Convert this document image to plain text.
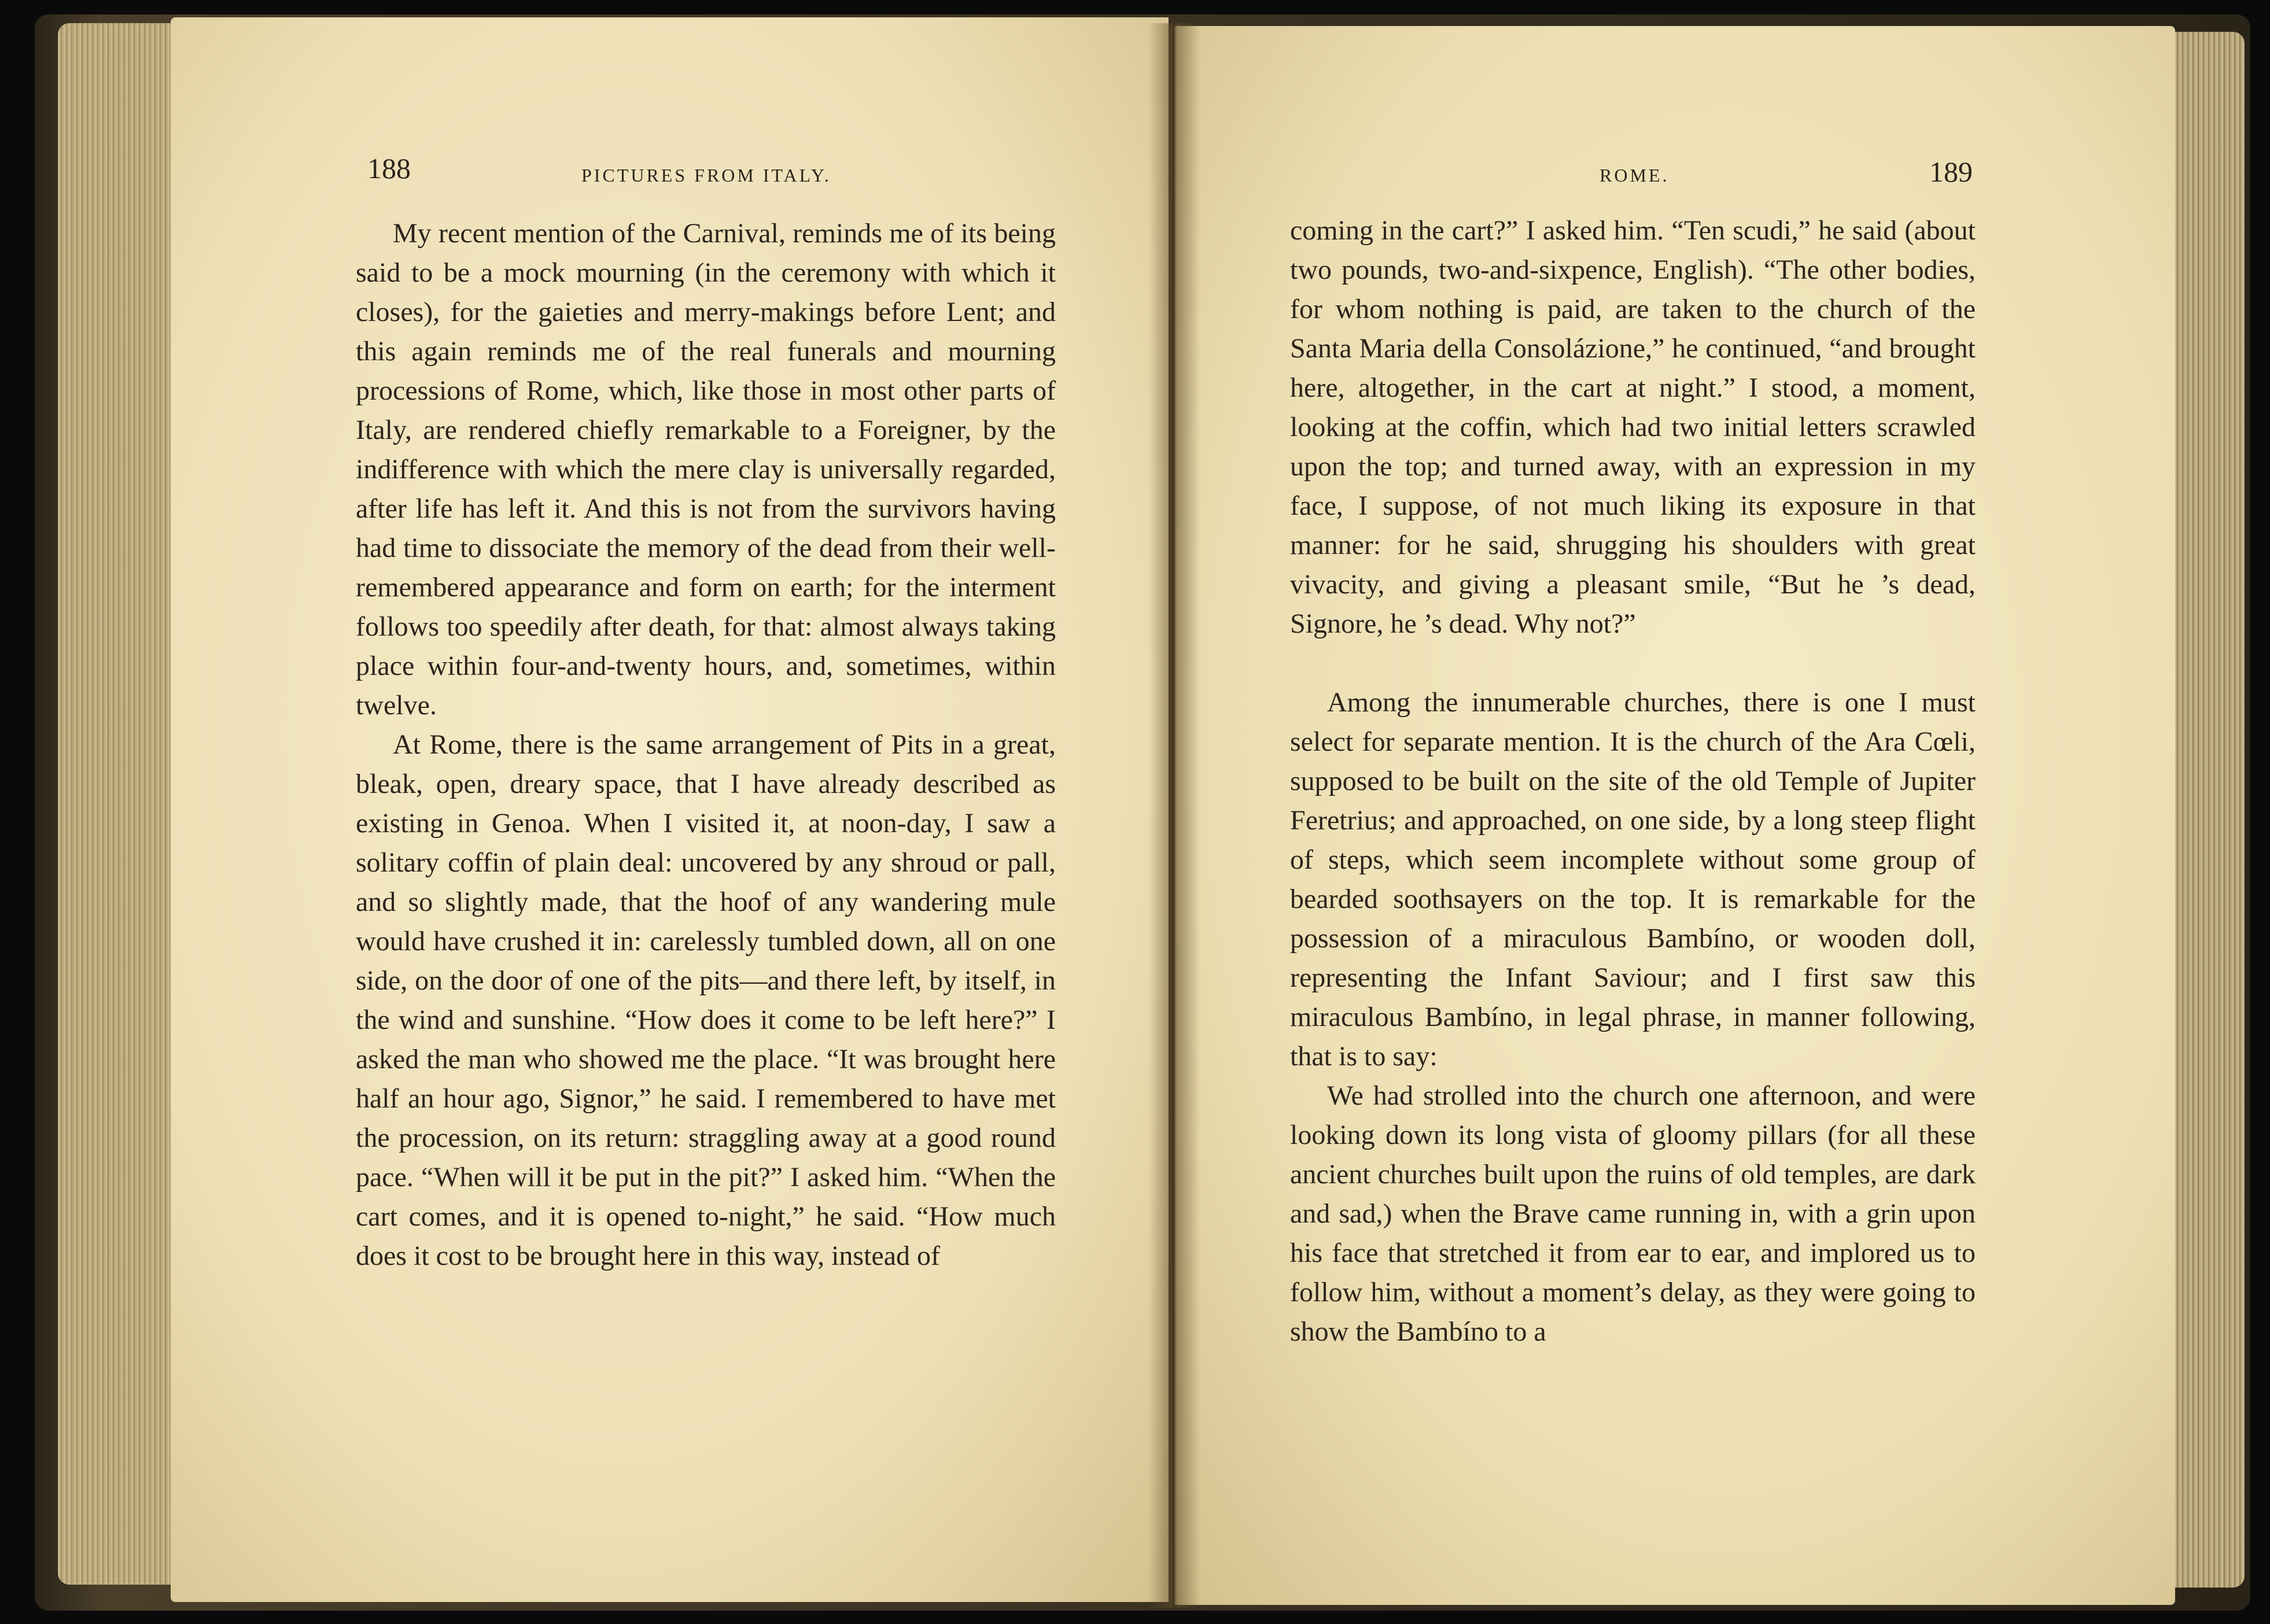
188	PICTURES FROM ITALY.

My recent mention of the Carnival, reminds me of its being said to be a mock mourning (in the ceremony with which it closes), for the gaieties and merry-makings before Lent; and this again reminds me of the real funerals and mourning processions of Rome, which, like those in most other parts of Italy, are rendered chiefly remarkable to a Foreigner, by the indifference with which the mere clay is universally regarded, after life has left it. And this is not from the survivors having had time to dissociate the memory of the dead from their well-remembered appearance and form on earth; for the interment follows too speedily after death, for that: almost always taking place within four-and-twenty hours, and, sometimes, within twelve.

At Rome, there is the same arrangement of Pits in a great, bleak, open, dreary space, that I have already described as existing in Genoa. When I visited it, at noon-day, I saw a solitary coffin of plain deal: uncovered by any shroud or pall, and so slightly made, that the hoof of any wandering mule would have crushed it in: carelessly tumbled down, all on one side, on the door of one of the pits—and there left, by itself, in the wind and sunshine. “How does it come to be left here?” I asked the man who showed me the place. “It was brought here half an hour ago, Signor,” he said. I remembered to have met the procession, on its return: straggling away at a good round pace. “When will it be put in the pit?” I asked him. “When the cart comes, and it is opened to-night,” he said. “How much does it cost to be brought here in this way, instead of

ROME.	189

coming in the cart?” I asked him. “Ten scudi,” he said (about two pounds, two-and-sixpence, English). “The other bodies, for whom nothing is paid, are taken to the church of the Santa Maria della Consolázione,” he continued, “and brought here, altogether, in the cart at night.” I stood, a moment, looking at the coffin, which had two initial letters scrawled upon the top; and turned away, with an expression in my face, I suppose, of not much liking its exposure in that manner: for he said, shrugging his shoulders with great vivacity, and giving a pleasant smile, “But he ’s dead, Signore, he ’s dead. Why not?”

Among the innumerable churches, there is one I must select for separate mention. It is the church of the Ara Cœli, supposed to be built on the site of the old Temple of Jupiter Feretrius; and approached, on one side, by a long steep flight of steps, which seem incomplete without some group of bearded soothsayers on the top. It is remarkable for the possession of a miraculous Bambíno, or wooden doll, representing the Infant Saviour; and I first saw this miraculous Bambíno, in legal phrase, in manner following, that is to say:

We had strolled into the church one afternoon, and were looking down its long vista of gloomy pillars (for all these ancient churches built upon the ruins of old temples, are dark and sad,) when the Brave came running in, with a grin upon his face that stretched it from ear to ear, and implored us to follow him, without a moment’s delay, as they were going to show the Bambíno to a
